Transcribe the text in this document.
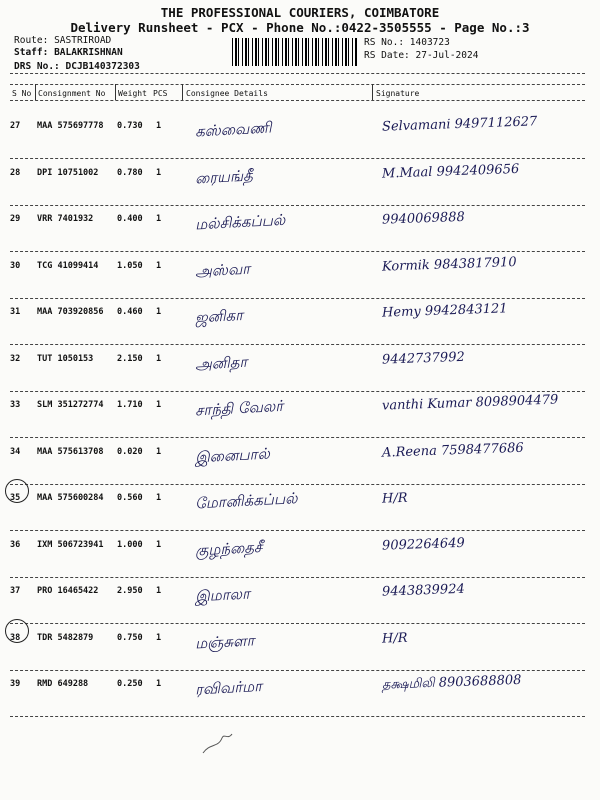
THE PROFESSIONAL COURIERS, COIMBATORE
Delivery Runsheet - PCX - Phone No.:0422-3505555 - Page No.:3
Route: SASTRIROAD
Staff: BALAKRISHNAN
DRS No.: DCJB140372303
RS No.: 1403723
RS Date: 27-Jul-2024
S No Consignment No Weight PCS Consignee Details	Signature
27 MAA 575697778 0.730 1 கஸ்வைணி	Selvamani 9497112627
28 DPI 10751002 0.780 1 ரையங்தீ	M.Maal 9942409656
29 VRR 7401932	0.400 1 மல்சிக்கப்பல்	9940069888
30 TCG 41099414 1.050 1 அஸ்வா	Kormik 9843817910
31 MAA 703920856 0.460 1 ஜனிகா	Hemy 9942843121
32 TUT 1050153	2.150 1 அனிதா	9442737992
33 SLM 351272774 1.710 1 சாந்தி வேலர்	vanthi Kumar 8098904479
34 MAA 575613708 0.020 1 இனைபால்	A.Reena 7598477686
35 MAA 575600284 0.560 1 மோனிக்கப்பல்	H/R
36 IXM 506723941 1.000 1 குழந்தைசீ	9092264649
37 PRO 16465422 2.950 1 இமாலா	9443839924
38 TDR 5482879	0.750 1 மஞ்சுளா	H/R
39 RMD 649288	0.250 1 ரவிவர்மா	தக்ஷமிலி 8903688808
